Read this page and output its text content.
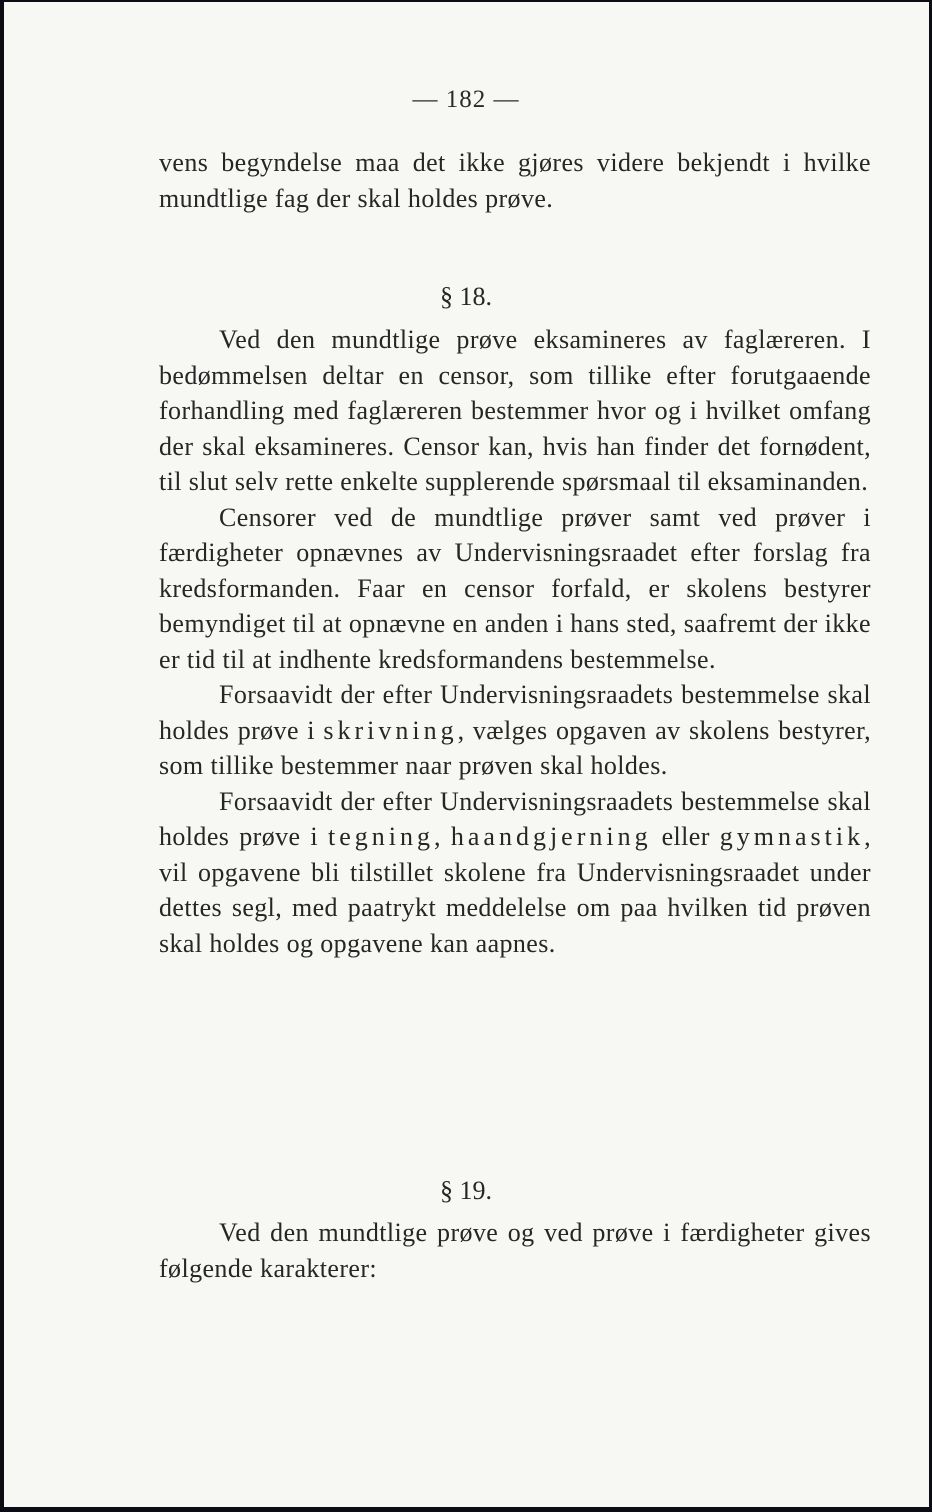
— 182 —

vens begyndelse maa det ikke gjøres videre bekjendt i hvilke mundtlige fag der skal holdes prøve.

§ 18.

Ved den mundtlige prøve eksamineres av faglæreren. I bedømmelsen deltar en censor, som tillike efter forutgaaende forhandling med faglæreren bestemmer hvor og i hvilket omfang der skal eksamineres. Censor kan, hvis han finder det fornødent, til slut selv rette enkelte supplerende spørsmaal til eksaminanden.

Censorer ved de mundtlige prøver samt ved prøver i færdigheter opnævnes av Undervisningsraadet efter forslag fra kredsformanden. Faar en censor forfald, er skolens bestyrer bemyndiget til at opnævne en anden i hans sted, saafremt der ikke er tid til at indhente kredsformandens bestemmelse.

Forsaavidt der efter Undervisningsraadets bestemmelse skal holdes prøve i skrivning, vælges opgaven av skolens bestyrer, som tillike bestemmer naar prøven skal holdes.

Forsaavidt der efter Undervisningsraadets bestemmelse skal holdes prøve i tegning, haandgjerning eller gymnastik, vil opgavene bli tilstillet skolene fra Undervisningsraadet under dettes segl, med paatrykt meddelelse om paa hvilken tid prøven skal holdes og opgavene kan aapnes.

§ 19.

Ved den mundtlige prøve og ved prøve i færdigheter gives følgende karakterer:
